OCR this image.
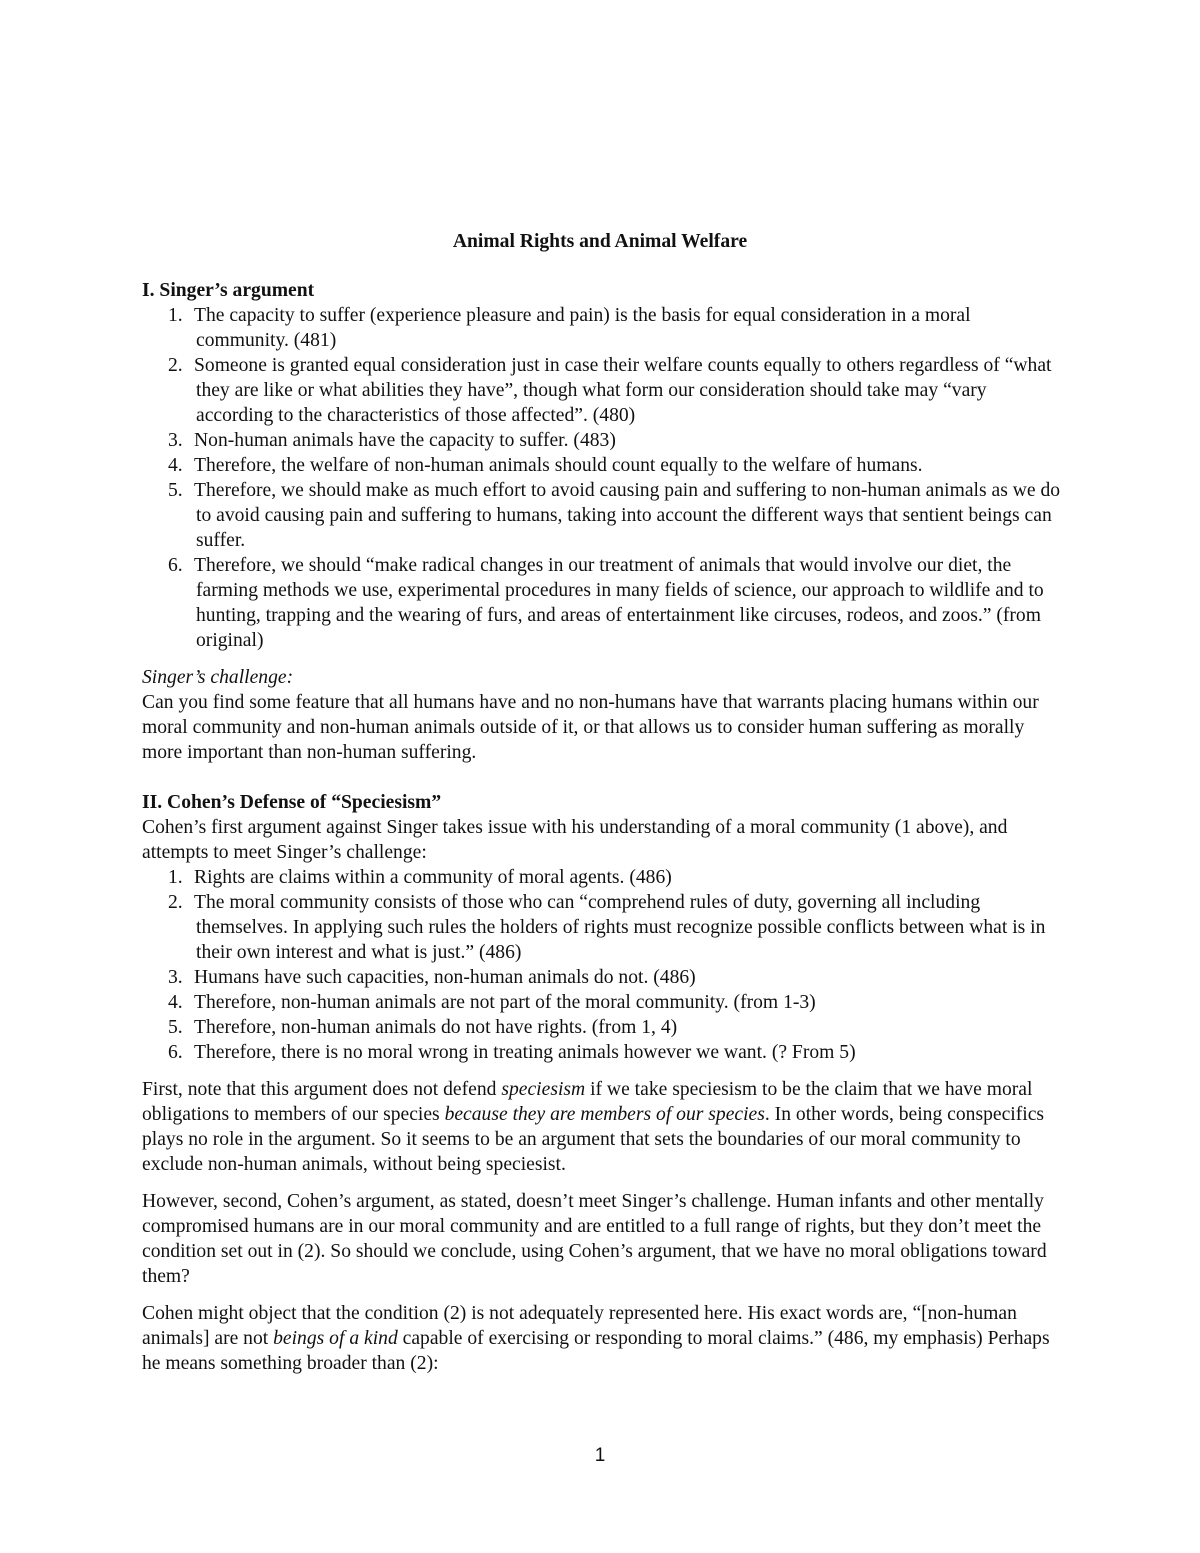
Animal Rights and Animal Welfare

I. Singer’s argument

1. The capacity to suffer (experience pleasure and pain) is the basis for equal consideration in a moral community. (481)
2. Someone is granted equal consideration just in case their welfare counts equally to others regardless of “what they are like or what abilities they have”, though what form our consideration should take may “vary according to the characteristics of those affected”. (480)
3. Non-human animals have the capacity to suffer. (483)
4. Therefore, the welfare of non-human animals should count equally to the welfare of humans.
5. Therefore, we should make as much effort to avoid causing pain and suffering to non-human animals as we do to avoid causing pain and suffering to humans, taking into account the different ways that sentient beings can suffer.
6. Therefore, we should “make radical changes in our treatment of animals that would involve our diet, the farming methods we use, experimental procedures in many fields of science, our approach to wildlife and to hunting, trapping and the wearing of furs, and areas of entertainment like circuses, rodeos, and zoos.” (from original)

Singer’s challenge:

Can you find some feature that all humans have and no non-humans have that warrants placing humans within our moral community and non-human animals outside of it, or that allows us to consider human suffering as morally more important than non-human suffering.

II. Cohen’s Defense of “Speciesism”

Cohen’s first argument against Singer takes issue with his understanding of a moral community (1 above), and attempts to meet Singer’s challenge:

1. Rights are claims within a community of moral agents. (486)
2. The moral community consists of those who can “comprehend rules of duty, governing all including themselves. In applying such rules the holders of rights must recognize possible conflicts between what is in their own interest and what is just.” (486)
3. Humans have such capacities, non-human animals do not. (486)
4. Therefore, non-human animals are not part of the moral community. (from 1-3)
5. Therefore, non-human animals do not have rights. (from 1, 4)
6. Therefore, there is no moral wrong in treating animals however we want. (? From 5)

First, note that this argument does not defend speciesism if we take speciesism to be the claim that we have moral obligations to members of our species because they are members of our species. In other words, being conspecifics plays no role in the argument. So it seems to be an argument that sets the boundaries of our moral community to exclude non-human animals, without being speciesist.

However, second, Cohen’s argument, as stated, doesn’t meet Singer’s challenge. Human infants and other mentally compromised humans are in our moral community and are entitled to a full range of rights, but they don’t meet the condition set out in (2). So should we conclude, using Cohen’s argument, that we have no moral obligations toward them?

Cohen might object that the condition (2) is not adequately represented here. His exact words are, “[non-human animals] are not beings of a kind capable of exercising or responding to moral claims.” (486, my emphasis) Perhaps he means something broader than (2):

1
